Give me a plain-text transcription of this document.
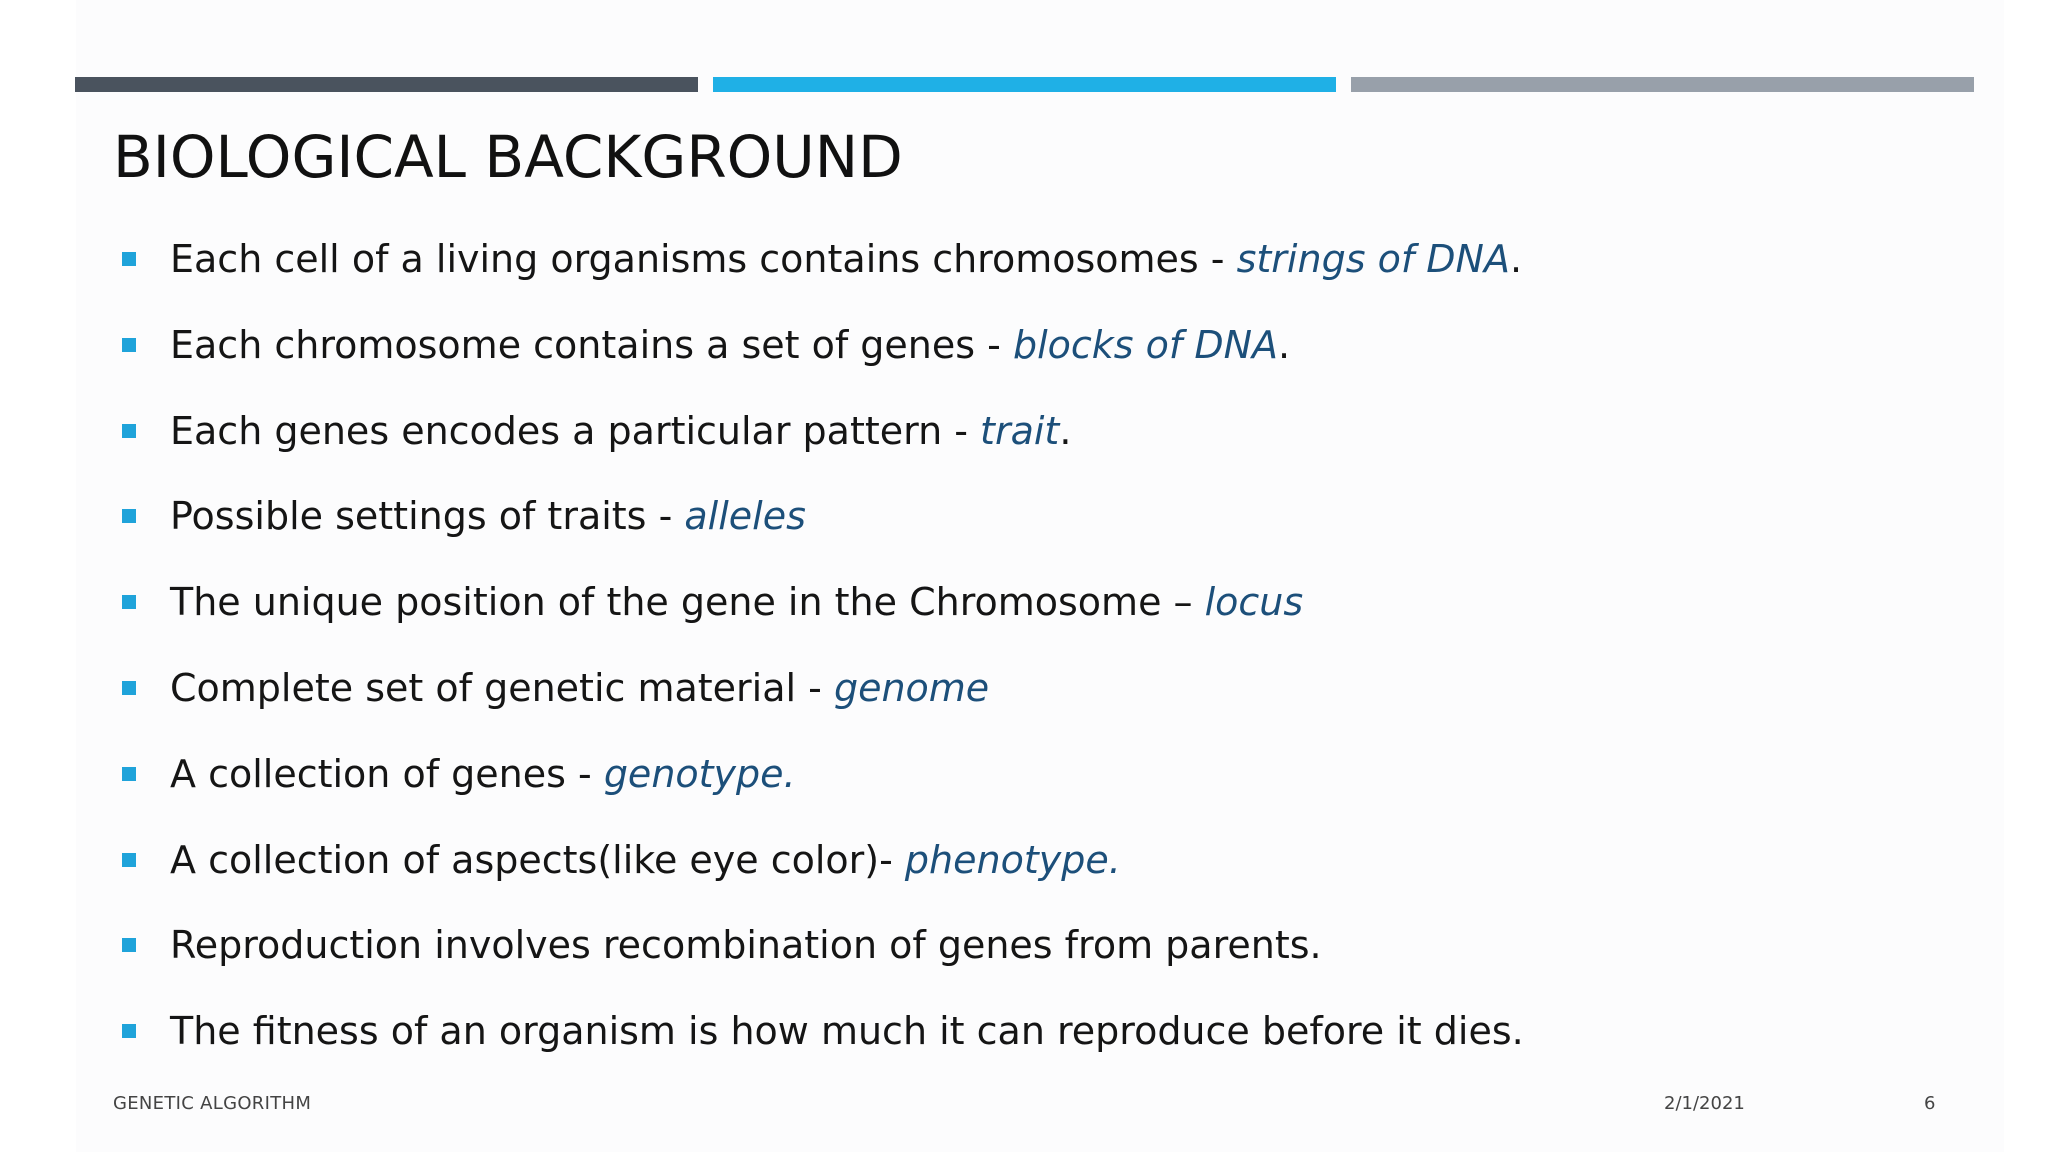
BIOLOGICAL BACKGROUND
Each cell of a living organisms contains chromosomes - strings of DNA.
Each chromosome contains a set of genes - blocks of DNA.
Each genes encodes a particular pattern - trait.
Possible settings of traits - alleles
The unique position of the gene in the Chromosome – locus
Complete set of genetic material - genome
A collection of genes - genotype.
A collection of aspects(like eye color)- phenotype.
Reproduction involves recombination of genes from parents.
The fitness of an organism is how much it can reproduce before it dies.
GENETIC ALGORITHM	2/1/2021	6
